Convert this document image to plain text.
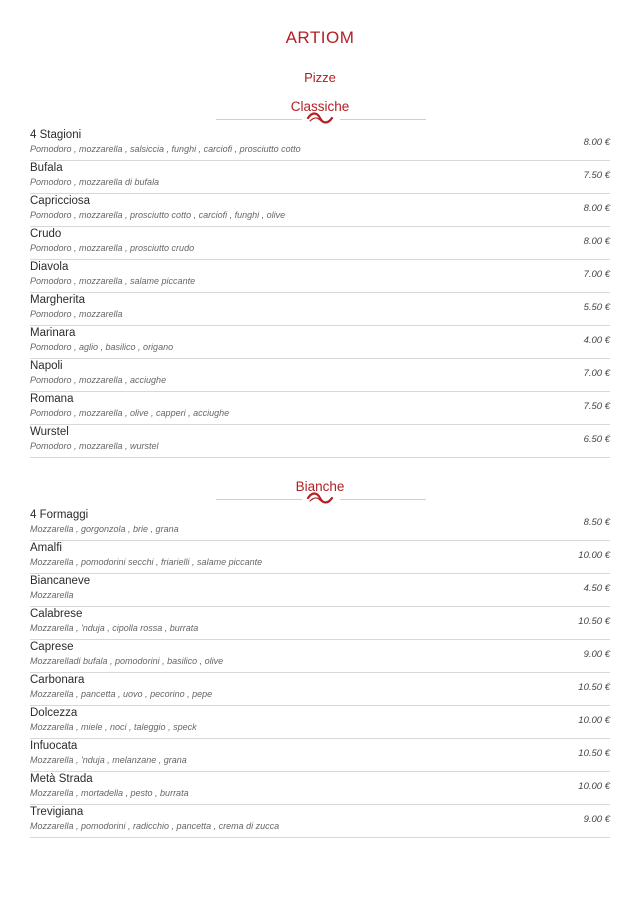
ARTIOM
Pizze
Classiche
4 Stagioni
Pomodoro , mozzarella , salsiccia , funghi , carciofi , prosciutto cotto
8.00 €
Bufala
Pomodoro , mozzarella di bufala
7.50 €
Capricciosa
Pomodoro , mozzarella , prosciutto cotto , carciofi , funghi , olive
8.00 €
Crudo
Pomodoro , mozzarella , prosciutto crudo
8.00 €
Diavola
Pomodoro , mozzarella , salame piccante
7.00 €
Margherita
Pomodoro , mozzarella
5.50 €
Marinara
Pomodoro , aglio , basilico , origano
4.00 €
Napoli
Pomodoro , mozzarella , acciughe
7.00 €
Romana
Pomodoro , mozzarella , olive , capperi , acciughe
7.50 €
Wurstel
Pomodoro , mozzarella , wurstel
6.50 €
Bianche
4 Formaggi
Mozzarella , gorgonzola , brie , grana
8.50 €
Amalfi
Mozzarella , pomodorini secchi , friarielli , salame piccante
10.00 €
Biancaneve
Mozzarella
4.50 €
Calabrese
Mozzarella , 'nduja , cipolla rossa , burrata
10.50 €
Caprese
Mozzarelladi bufala , pomodorini , basilico , olive
9.00 €
Carbonara
Mozzarella , pancetta , uovo , pecorino , pepe
10.50 €
Dolcezza
Mozzarella , miele , noci , taleggio , speck
10.00 €
Infuocata
Mozzarella , 'nduja , melanzane , grana
10.50 €
Metà Strada
Mozzarella , mortadella , pesto , burrata
10.00 €
Trevigiana
Mozzarella , pomodorini , radicchio , pancetta , crema di zucca
9.00 €
